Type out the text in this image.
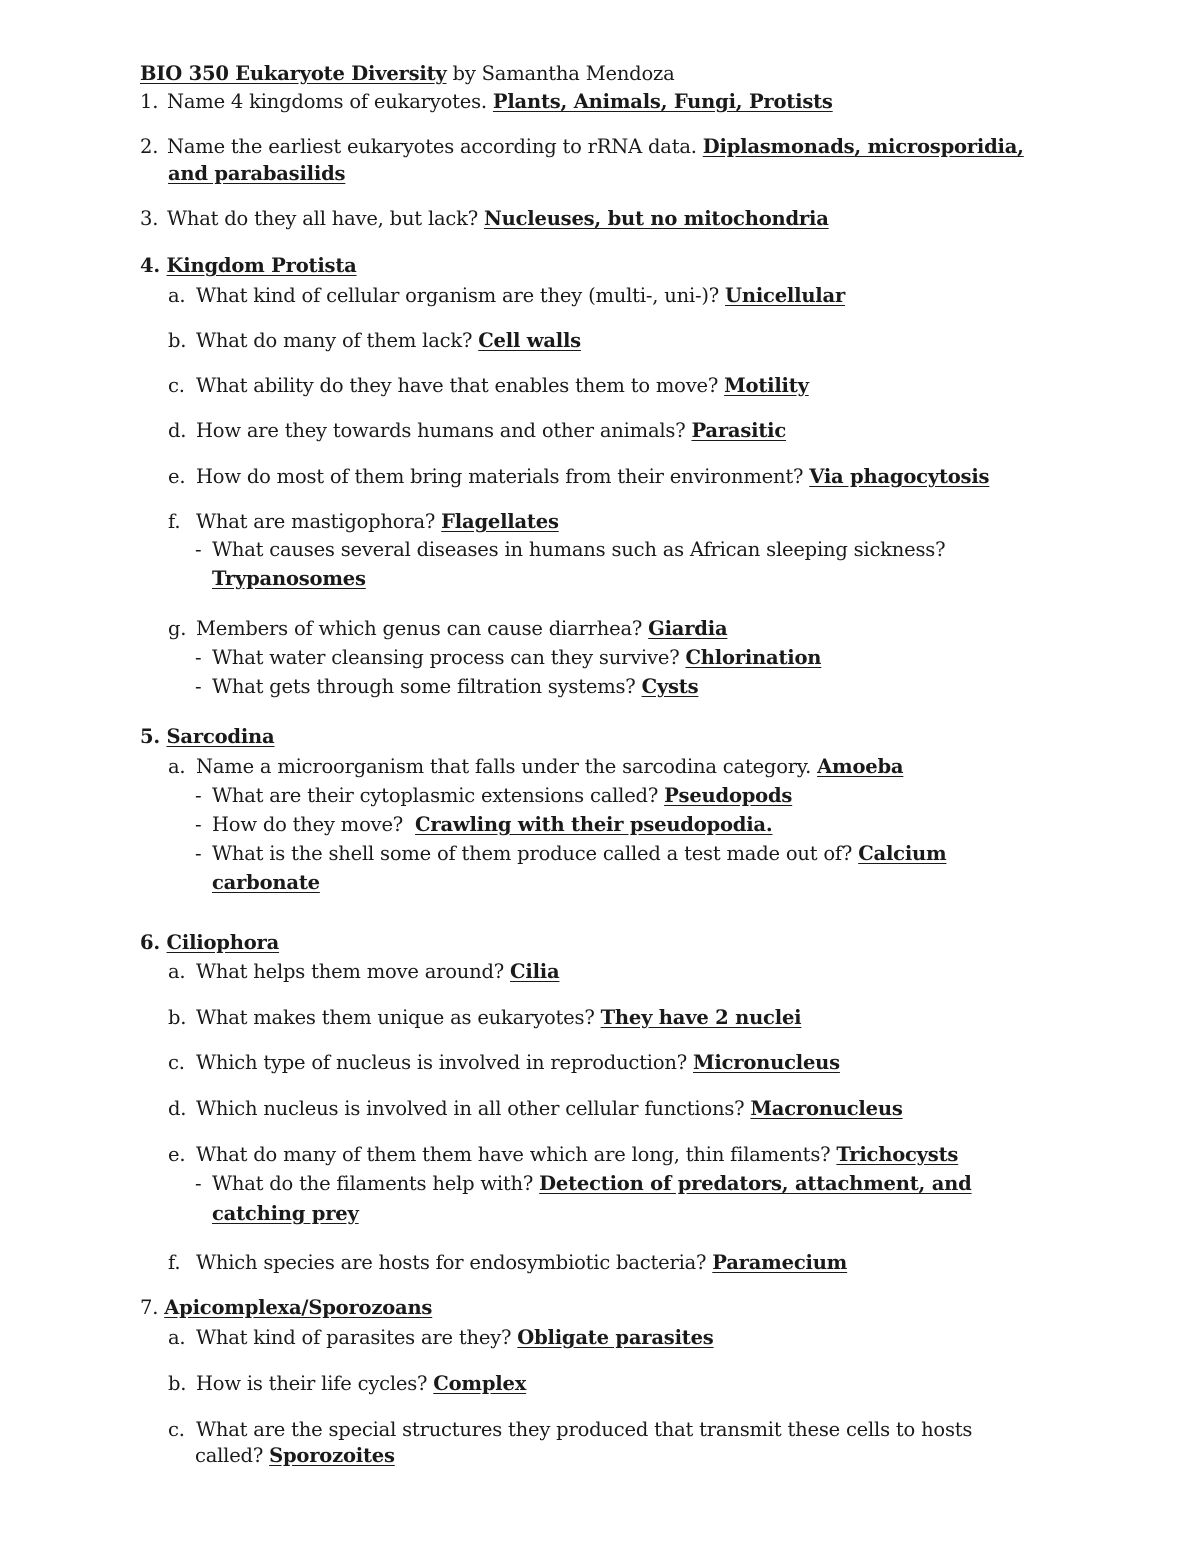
BIO 350 Eukaryote Diversity by Samantha Mendoza
1. Name 4 kingdoms of eukaryotes. Plants, Animals, Fungi, Protists
2. Name the earliest eukaryotes according to rRNA data. Diplasmonads, microsporidia,
and parabasilids
3. What do they all have, but lack? Nucleuses, but no mitochondria
4. Kingdom Protista
a. What kind of cellular organism are they (multi-, uni-)? Unicellular
b. What do many of them lack? Cell walls
c. What ability do they have that enables them to move? Motility
d. How are they towards humans and other animals? Parasitic
e. How do most of them bring materials from their environment? Via phagocytosis
f. What are mastigophora? Flagellates
- What causes several diseases in humans such as African sleeping sickness?
Trypanosomes
g. Members of which genus can cause diarrhea? Giardia
- What water cleansing process can they survive? Chlorination
- What gets through some filtration systems? Cysts
5. Sarcodina
a. Name a microorganism that falls under the sarcodina category. Amoeba
- What are their cytoplasmic extensions called? Pseudopods
- How do they move?  Crawling with their pseudopodia.
- What is the shell some of them produce called a test made out of? Calcium
carbonate
6. Ciliophora
a. What helps them move around? Cilia
b. What makes them unique as eukaryotes? They have 2 nuclei
c. Which type of nucleus is involved in reproduction? Micronucleus
d. Which nucleus is involved in all other cellular functions? Macronucleus
e. What do many of them them have which are long, thin filaments? Trichocysts
- What do the filaments help with? Detection of predators, attachment, and
catching prey
f. Which species are hosts for endosymbiotic bacteria? Paramecium
7. Apicomplexa/Sporozoans
a. What kind of parasites are they? Obligate parasites
b. How is their life cycles? Complex
c. What are the special structures they produced that transmit these cells to hosts
called? Sporozoites
